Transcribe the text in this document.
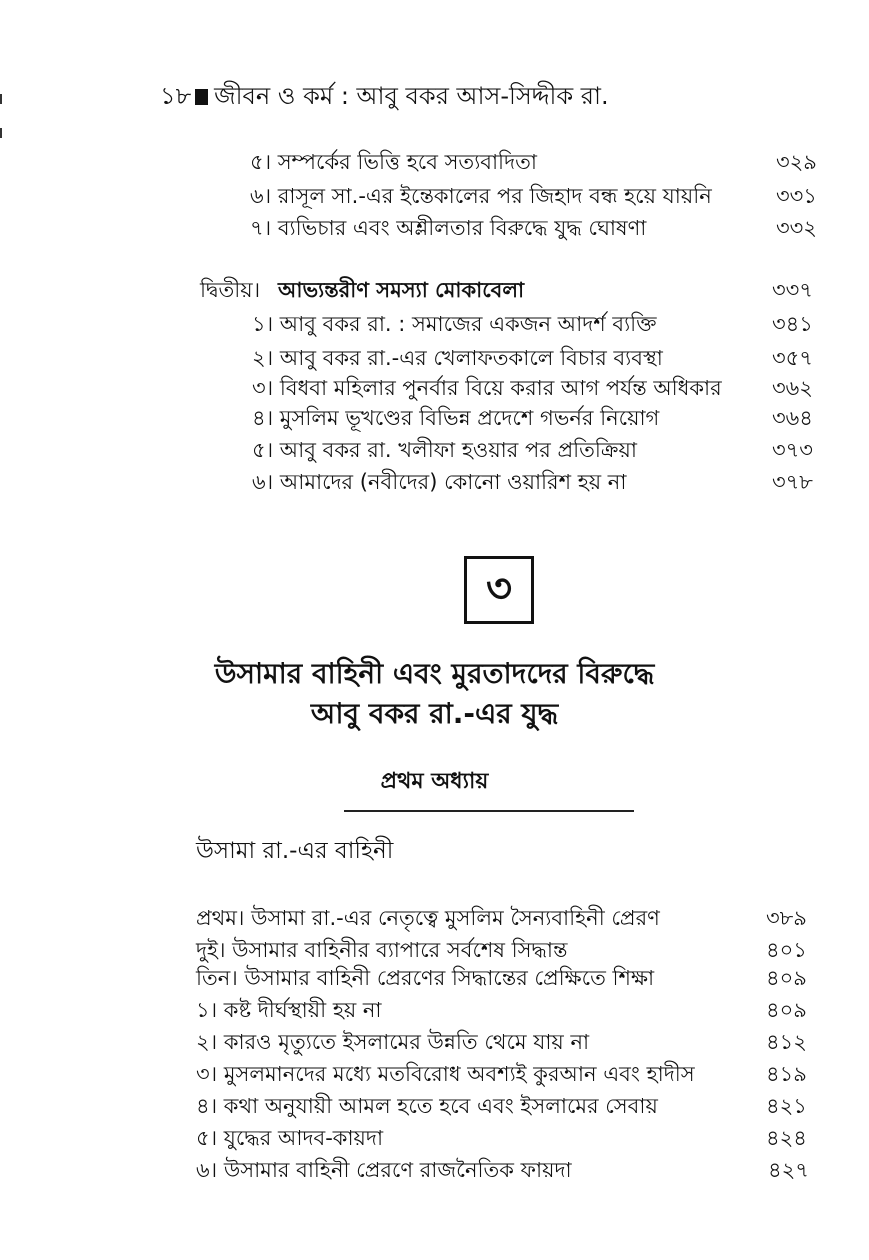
১৮ জীবন ও কর্ম : আবু বকর আস-সিদ্দীক রা.
৫। সম্পর্কের ভিত্তি হবে সত্যবাদিতা	৩২৯
৬। রাসূল সা.-এর ইন্তেকালের পর জিহাদ বন্ধ হয়ে যায়নি	৩৩১
৭। ব্যভিচার এবং অশ্লীলতার বিরুদ্ধে যুদ্ধ ঘোষণা	৩৩২
দ্বিতীয়। আভ্যন্তরীণ সমস্যা মোকাবেলা	৩৩৭
১। আবু বকর রা. : সমাজের একজন আদর্শ ব্যক্তি	৩৪১
২। আবু বকর রা.-এর খেলাফতকালে বিচার ব্যবস্থা	৩৫৭
৩। বিধবা মহিলার পুনর্বার বিয়ে করার আগ পর্যন্ত অধিকার ৩৬২
৪। মুসলিম ভূখণ্ডের বিভিন্ন প্রদেশে গভর্নর নিয়োগ	৩৬৪
৫। আবু বকর রা. খলীফা হওয়ার পর প্রতিক্রিয়া	৩৭৩
৬। আমাদের (নবীদের) কোনো ওয়ারিশ হয় না	৩৭৮
৩
উসামার বাহিনী এবং মুরতাদদের বিরুদ্ধে
আবু বকর রা.-এর যুদ্ধ
প্রথম অধ্যায়
উসামা রা.-এর বাহিনী
প্রথম। উসামা রা.-এর নেতৃত্বে মুসলিম সৈন্যবাহিনী প্রেরণ	৩৮৯
দুই। উসামার বাহিনীর ব্যাপারে সর্বশেষ সিদ্ধান্ত	৪০১
তিন। উসামার বাহিনী প্রেরণের সিদ্ধান্তের প্রেক্ষিতে শিক্ষা	৪০৯
১। কষ্ট দীর্ঘস্থায়ী হয় না	৪০৯
২। কারও মৃত্যুতে ইসলামের উন্নতি থেমে যায় না	৪১২
৩। মুসলমানদের মধ্যে মতবিরোধ অবশ্যই কুরআন এবং হাদীস	৪১৯
৪। কথা অনুযায়ী আমল হতে হবে এবং ইসলামের সেবায়	৪২১
৫। যুদ্ধের আদব-কায়দা	৪২৪
৬। উসামার বাহিনী প্রেরণে রাজনৈতিক ফায়দা	৪২৭
